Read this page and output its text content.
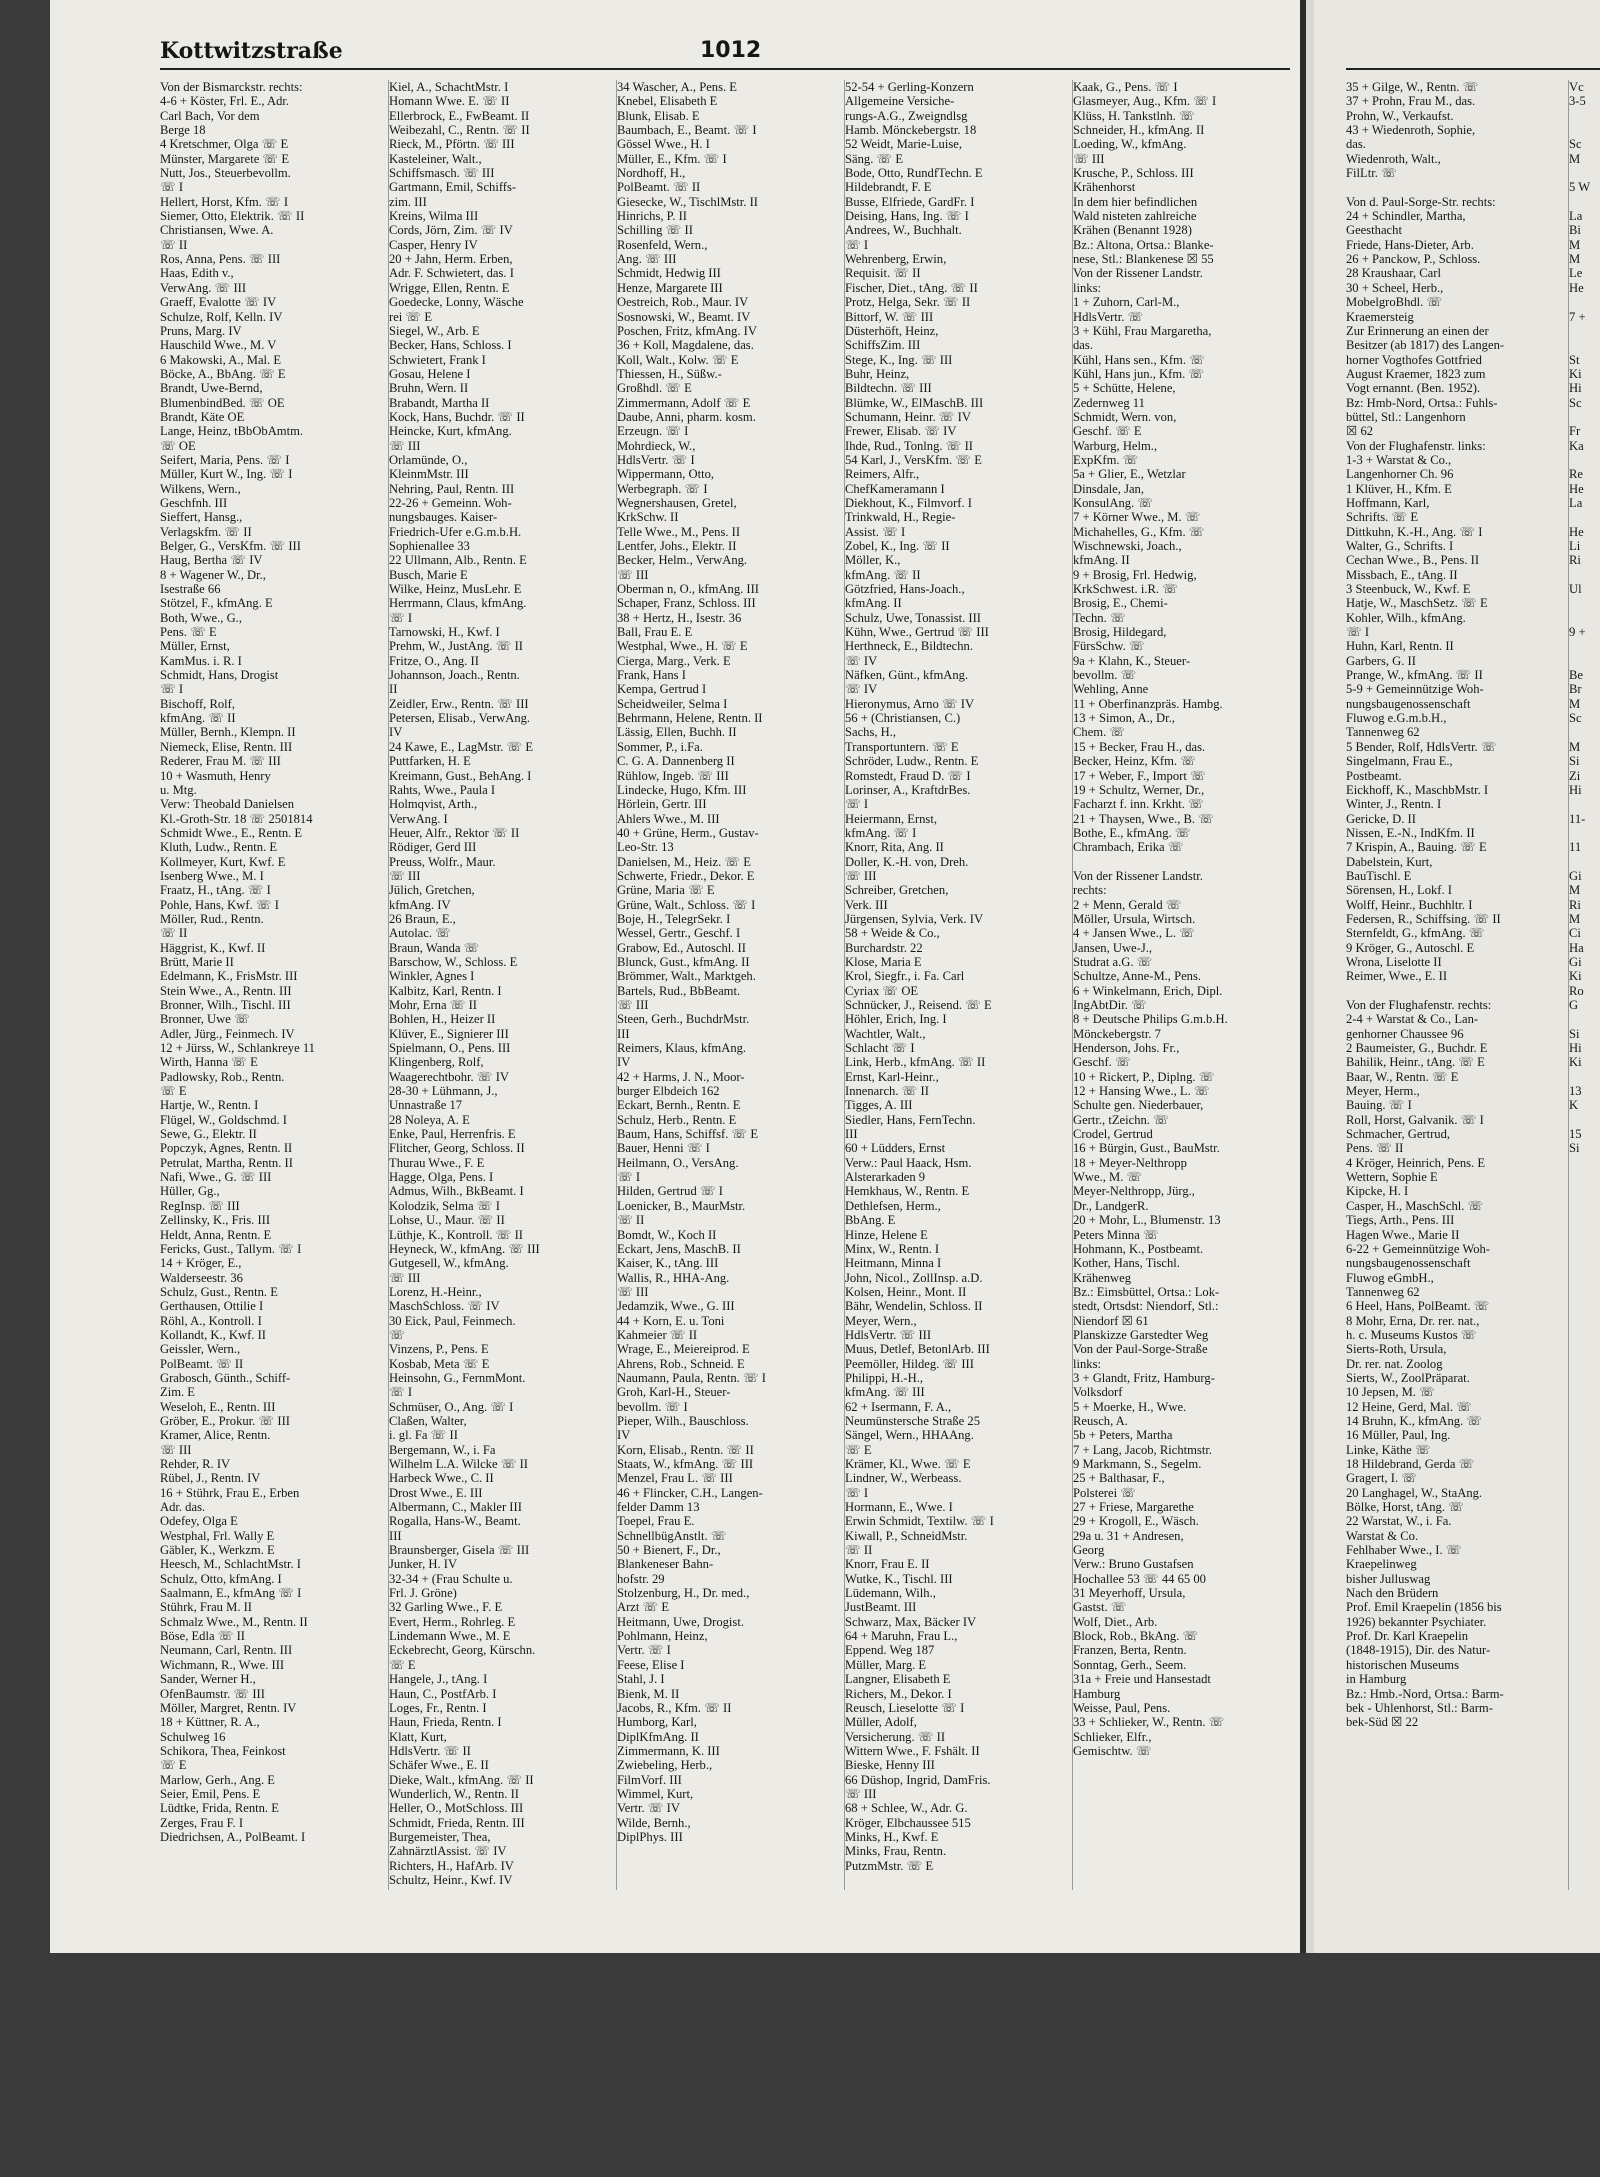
Kottwitzstraße	1012
Von der Bismarckstr. rechts:
4-6 + Köster, Frl. E., Adr.
Carl Bach, Vor dem
Berge 18
4 Kretschmer, Olga ☏ E
Münster, Margarete ☏ E
Nutt, Jos., Steuerbevollm.
☏ I
Hellert, Horst, Kfm. ☏ I
Siemer, Otto, Elektrik. ☏ II
Christiansen, Wwe. A.
☏ II
Ros, Anna, Pens. ☏ III
Haas, Edith v.,
VerwAng. ☏ III
Graeff, Evalotte ☏ IV
Schulze, Rolf, Kelln. IV
Pruns, Marg. IV
Hauschild Wwe., M. V
6 Makowski, A., Mal. E
Böcke, A., BbAng. ☏ E
Brandt, Uwe-Bernd,
BlumenbindBed. ☏ OE
Brandt, Käte OE
Lange, Heinz, tBbObAmtm.
☏ OE
Seifert, Maria, Pens. ☏ I
Müller, Kurt W., Ing. ☏ I
Wilkens, Wern.,
Geschfnh. III
Sieffert, Hansg.,
Verlagskfm. ☏ II
Belger, G., VersKfm. ☏ III
Haug, Bertha ☏ IV
8 + Wagener W., Dr.,
Isestraße 66
Stötzel, F., kfmAng. E
Both, Wwe., G.,
Pens. ☏ E
Müller, Ernst,
KamMus. i. R. I
Schmidt, Hans, Drogist
☏ I
Bischoff, Rolf,
kfmAng. ☏ II
Müller, Bernh., Klempn. II
Niemeck, Elise, Rentn. III
Rederer, Frau M. ☏ III
10 + Wasmuth, Henry
u. Mtg.
Verw: Theobald Danielsen
Kl.-Groth-Str. 18 ☏ 2501814
Schmidt Wwe., E., Rentn. E
Kluth, Ludw., Rentn. E
Kollmeyer, Kurt, Kwf. E
Isenberg Wwe., M. I
Fraatz, H., tAng. ☏ I
Pohle, Hans, Kwf. ☏ I
Möller, Rud., Rentn.
☏ II
Häggrist, K., Kwf. II
Brütt, Marie II
Edelmann, K., FrisMstr. III
Stein Wwe., A., Rentn. III
Bronner, Wilh., Tischl. III
Bronner, Uwe ☏
Adler, Jürg., Feinmech. IV
12 + Jürss, W., Schlankreye 11
Wirth, Hanna ☏ E
Padlowsky, Rob., Rentn.
☏ E
Hartje, W., Rentn. I
Flügel, W., Goldschmd. I
Sewe, G., Elektr. II
Popczyk, Agnes, Rentn. II
Petrulat, Martha, Rentn. II
Nafi, Wwe., G. ☏ III
Hüller, Gg.,
RegInsp. ☏ III
Zellinsky, K., Fris. III
Heldt, Anna, Rentn. E
Fericks, Gust., Tallym. ☏ I
14 + Kröger, E.,
Walderseestr. 36
Schulz, Gust., Rentn. E
Gerthausen, Ottilie I
Röhl, A., Kontroll. I
Kollandt, K., Kwf. II
Geissler, Wern.,
PolBeamt. ☏ II
Grabosch, Günth., Schiff-
Zim. E
Weseloh, E., Rentn. III
Gröber, E., Prokur. ☏ III
Kramer, Alice, Rentn.
☏ III
Rehder, R. IV
Rübel, J., Rentn. IV
16 + Stührk, Frau E., Erben
Adr. das.
Odefey, Olga E
Westphal, Frl. Wally E
Gäbler, K., Werkzm. E
Heesch, M., SchlachtMstr. I
Schulz, Otto, kfmAng. I
Saalmann, E., kfmAng ☏ I
Stührk, Frau M. II
Schmalz Wwe., M., Rentn. II
Böse, Edla ☏ II
Neumann, Carl, Rentn. III
Wichmann, R., Wwe. III
Sander, Werner H.,
OfenBaumstr. ☏ III
Möller, Margret, Rentn. IV
18 + Küttner, R. A.,
Schulweg 16
Schikora, Thea, Feinkost
☏ E
Marlow, Gerh., Ang. E
Seier, Emil, Pens. E
Lüdtke, Frida, Rentn. E
Zerges, Frau F. I
Diedrichsen, A., PolBeamt. I
Kiel, A., SchachtMstr. I
Homann Wwe. E. ☏ II
Ellerbrock, E., FwBeamt. II
Weibezahl, C., Rentn. ☏ II
Rieck, M., Pförtn. ☏ III
Kasteleiner, Walt.,
Schiffsmasch. ☏ III
Gartmann, Emil, Schiffs-
zim. III
Kreins, Wilma III
Cords, Jörn, Zim. ☏ IV
Casper, Henry IV
20 + Jahn, Herm. Erben,
Adr. F. Schwietert, das. I
Wrigge, Ellen, Rentn. E
Goedecke, Lonny, Wäsche
rei ☏ E
Siegel, W., Arb. E
Becker, Hans, Schloss. I
Schwietert, Frank I
Gosau, Helene I
Bruhn, Wern. II
Brabandt, Martha II
Kock, Hans, Buchdr. ☏ II
Heincke, Kurt, kfmAng.
☏ III
Orlamünde, O.,
KleinmMstr. III
Nehring, Paul, Rentn. III
22-26 + Gemeinn. Woh-
nungsbauges. Kaiser-
Friedrich-Ufer e.G.m.b.H.
Sophienallee 33
22 Ullmann, Alb., Rentn. E
Busch, Marie E
Wilke, Heinz, MusLehr. E
Herrmann, Claus, kfmAng.
☏ I
Tarnowski, H., Kwf. I
Prehm, W., JustAng. ☏ II
Fritze, O., Ang. II
Johannson, Joach., Rentn.
II
Zeidler, Erw., Rentn. ☏ III
Petersen, Elisab., VerwAng.
IV
24 Kawe, E., LagMstr. ☏ E
Puttfarken, H. E
Kreimann, Gust., BehAng. I
Rahts, Wwe., Paula I
Holmqvist, Arth.,
VerwAng. I
Heuer, Alfr., Rektor ☏ II
Rödiger, Gerd III
Preuss, Wolfr., Maur.
☏ III
Jülich, Gretchen,
kfmAng. IV
26 Braun, E.,
Autolac. ☏
Braun, Wanda ☏
Barschow, W., Schloss. E
Winkler, Agnes I
Kalbitz, Karl, Rentn. I
Mohr, Erna ☏ II
Bohlen, H., Heizer II
Klüver, E., Signierer III
Spielmann, O., Pens. III
Klingenberg, Rolf,
Waagerechtbohr. ☏ IV
28-30 + Lühmann, J.,
Unnastraße 17
28 Noleya, A. E
Enke, Paul, Herrenfris. E
Flitcher, Georg, Schloss. II
Thurau Wwe., F. E
Hagge, Olga, Pens. I
Admus, Wilh., BkBeamt. I
Kolodzik, Selma ☏ I
Lohse, U., Maur. ☏ II
Lüthje, K., Kontroll. ☏ II
Heyneck, W., kfmAng. ☏ III
Gutgesell, W., kfmAng.
☏ III
Lorenz, H.-Heinr.,
MaschSchloss. ☏ IV
30 Eick, Paul, Feinmech.
☏
Vinzens, P., Pens. E
Kosbab, Meta ☏ E
Heinsohn, G., FernmMont.
☏ I
Schmüser, O., Ang. ☏ I
Claßen, Walter,
i. gl. Fa ☏ II
Bergemann, W., i. Fa
Wilhelm L.A. Wilcke ☏ II
Harbeck Wwe., C. II
Drost Wwe., E. III
Albermann, C., Makler III
Rogalla, Hans-W., Beamt.
III
Braunsberger, Gisela ☏ III
Junker, H. IV
32-34 + (Frau Schulte u.
Frl. J. Gröne)
32 Garling Wwe., F. E
Evert, Herm., Rohrleg. E
Lindemann Wwe., M. E
Eckebrecht, Georg, Kürschn.
☏ E
Hangele, J., tAng. I
Haun, C., PostfArb. I
Loges, Fr., Rentn. I
Haun, Frieda, Rentn. I
Klatt, Kurt,
HdlsVertr. ☏ II
Schäfer Wwe., E. II
Dieke, Walt., kfmAng. ☏ II
Wunderlich, W., Rentn. II
Heller, O., MotSchloss. III
Schmidt, Frieda, Rentn. III
Burgemeister, Thea,
ZahnärztlAssist. ☏ IV
Richters, H., HafArb. IV
Schultz, Heinr., Kwf. IV
34 Wascher, A., Pens. E
Knebel, Elisabeth E
Blunk, Elisab. E
Baumbach, E., Beamt. ☏ I
Gössel Wwe., H. I
Müller, E., Kfm. ☏ I
Nordhoff, H.,
PolBeamt. ☏ II
Giesecke, W., TischlMstr. II
Hinrichs, P. II
Schilling ☏ II
Rosenfeld, Wern.,
Ang. ☏ III
Schmidt, Hedwig III
Henze, Margarete III
Oestreich, Rob., Maur. IV
Sosnowski, W., Beamt. IV
Poschen, Fritz, kfmAng. IV
36 + Koll, Magdalene, das.
Koll, Walt., Kolw. ☏ E
Thiessen, H., Süßw.-
Großhdl. ☏ E
Zimmermann, Adolf ☏ E
Daube, Anni, pharm. kosm.
Erzeugn. ☏ I
Mohrdieck, W.,
HdlsVertr. ☏ I
Wippermann, Otto,
Werbegraph. ☏ I
Wegnershausen, Gretel,
KrkSchw. II
Telle Wwe., M., Pens. II
Lentfer, Johs., Elektr. II
Becker, Helm., VerwAng.
☏ III
Oberman n, O., kfmAng. III
Schaper, Franz, Schloss. III
38 + Hertz, H., Isestr. 36
Ball, Frau E. E
Westphal, Wwe., H. ☏ E
Cierga, Marg., Verk. E
Frank, Hans I
Kempa, Gertrud I
Scheidweiler, Selma I
Behrmann, Helene, Rentn. II
Lässig, Ellen, Buchh. II
Sommer, P., i.Fa.
C. G. A. Dannenberg II
Rühlow, Ingeb. ☏ III
Lindecke, Hugo, Kfm. III
Hörlein, Gertr. III
Ahlers Wwe., M. III
40 + Grüne, Herm., Gustav-
Leo-Str. 13
Danielsen, M., Heiz. ☏ E
Schwerte, Friedr., Dekor. E
Grüne, Maria ☏ E
Grüne, Walt., Schloss. ☏ I
Boje, H., TelegrSekr. I
Wessel, Gertr., Geschf. I
Grabow, Ed., Autoschl. II
Blunck, Gust., kfmAng. II
Brömmer, Walt., Marktgeh.
Bartels, Rud., BbBeamt.
☏ III
Steen, Gerh., BuchdrMstr.
III
Reimers, Klaus, kfmAng.
IV
42 + Harms, J. N., Moor-
burger Elbdeich 162
Eckart, Bernh., Rentn. E
Schulz, Herb., Rentn. E
Baum, Hans, Schiffsf. ☏ E
Bauer, Henni ☏ I
Heilmann, O., VersAng.
☏ I
Hilden, Gertrud ☏ I
Loenicker, B., MaurMstr.
☏ II
Bomdt, W., Koch II
Eckart, Jens, MaschB. II
Kaiser, K., tAng. III
Wallis, R., HHA-Ang.
☏ III
Jedamzik, Wwe., G. III
44 + Korn, E. u. Toni
Kahmeier ☏ II
Wrage, E., Meiereiprod. E
Ahrens, Rob., Schneid. E
Naumann, Paula, Rentn. ☏ I
Groh, Karl-H., Steuer-
bevollm. ☏ I
Pieper, Wilh., Bauschloss.
IV
Korn, Elisab., Rentn. ☏ II
Staats, W., kfmAng. ☏ III
Menzel, Frau L. ☏ III
46 + Flincker, C.H., Langen-
felder Damm 13
Toepel, Frau E.
SchnellbügAnstlt. ☏
50 + Bienert, F., Dr.,
Blankeneser Bahn-
hofstr. 29
Stolzenburg, H., Dr. med.,
Arzt ☏ E
Heitmann, Uwe, Drogist.
Pohlmann, Heinz,
Vertr. ☏ I
Feese, Elise I
Stahl, J. I
Bienk, M. II
Jacobs, R., Kfm. ☏ II
Humborg, Karl,
DiplKfmAng. II
Zimmermann, K. III
Zwiebeling, Herb.,
FilmVorf. III
Wimmel, Kurt,
Vertr. ☏ IV
Wilde, Bernh.,
DiplPhys. III
52-54 + Gerling-Konzern
Allgemeine Versiche-
rungs-A.G., Zweigndlsg
Hamb. Mönckebergstr. 18
52 Weidt, Marie-Luise,
Säng. ☏ E
Bode, Otto, RundfTechn. E
Hildebrandt, F. E
Busse, Elfriede, GardFr. I
Deising, Hans, Ing. ☏ I
Andrees, W., Buchhalt.
☏ I
Wehrenberg, Erwin,
Requisit. ☏ II
Fischer, Diet., tAng. ☏ II
Protz, Helga, Sekr. ☏ II
Bittorf, W. ☏ III
Düsterhöft, Heinz,
SchiffsZim. III
Stege, K., Ing. ☏ III
Buhr, Heinz,
Bildtechn. ☏ III
Blümke, W., ElMaschB. III
Schumann, Heinr. ☏ IV
Frewer, Elisab. ☏ IV
Ihde, Rud., Tonlng. ☏ II
54 Karl, J., VersKfm. ☏ E
Reimers, Alfr.,
ChefKameramann I
Diekhout, K., Filmvorf. I
Trinkwald, H., Regie-
Assist. ☏ I
Zobel, K., Ing. ☏ II
Möller, K.,
kfmAng. ☏ II
Götzfried, Hans-Joach.,
kfmAng. II
Schulz, Uwe, Tonassist. III
Kühn, Wwe., Gertrud ☏ III
Herthneck, E., Bildtechn.
☏ IV
Näfken, Günt., kfmAng.
☏ IV
Hieronymus, Arno ☏ IV
56 + (Christiansen, C.)
Sachs, H.,
Transportuntern. ☏ E
Schröder, Ludw., Rentn. E
Romstedt, Fraud D. ☏ I
Lorinser, A., KraftdrBes.
☏ I
Heiermann, Ernst,
kfmAng. ☏ I
Knorr, Rita, Ang. II
Doller, K.-H. von, Dreh.
☏ III
Schreiber, Gretchen,
Verk. III
Jürgensen, Sylvia, Verk. IV
58 + Weide & Co.,
Burchardstr. 22
Klose, Maria E
Krol, Siegfr., i. Fa. Carl
Cyriax ☏ OE
Schnücker, J., Reisend. ☏ E
Höhler, Erich, Ing. I
Wachtler, Walt.,
Schlacht ☏ I
Link, Herb., kfmAng. ☏ II
Ernst, Karl-Heinr.,
Innenarch. ☏ II
Tigges, A. III
Siedler, Hans, FernTechn.
III
60 + Lüdders, Ernst
Verw.: Paul Haack, Hsm.
Alsterarkaden 9
Hemkhaus, W., Rentn. E
Dethlefsen, Herm.,
BbAng. E
Hinze, Helene E
Minx, W., Rentn. I
Heitmann, Minna I
John, Nicol., ZollInsp. a.D.
Kolsen, Heinr., Mont. II
Bähr, Wendelin, Schloss. II
Meyer, Wern.,
HdlsVertr. ☏ III
Muus, Detlef, BetonlArb. III
Peemöller, Hildeg. ☏ III
Philippi, H.-H.,
kfmAng. ☏ III
62 + Isermann, F. A.,
Neumünstersche Straße 25
Sängel, Wern., HHAAng.
☏ E
Krämer, Kl., Wwe. ☏ E
Lindner, W., Werbeass.
☏ I
Hormann, E., Wwe. I
Erwin Schmidt, Textilw. ☏ I
Kiwall, P., SchneidMstr.
☏ II
Knorr, Frau E. II
Wutke, K., Tischl. III
Lüdemann, Wilh.,
JustBeamt. III
Schwarz, Max, Bäcker IV
64 + Maruhn, Frau L.,
Eppend. Weg 187
Müller, Marg. E
Langner, Elisabeth E
Richers, M., Dekor. I
Reusch, Lieselotte ☏ I
Müller, Adolf,
Versicherung. ☏ II
Wittern Wwe., F. Fshält. II
Bieske, Henny III
66 Düshop, Ingrid, DamFris.
☏ III
68 + Schlee, W., Adr. G.
Kröger, Elbchaussee 515
Minks, H., Kwf. E
Minks, Frau, Rentn.
PutzmMstr. ☏ E
Kaak, G., Pens. ☏ I
Glasmeyer, Aug., Kfm. ☏ I
Klüss, H. Tankstlnh. ☏
Schneider, H., kfmAng. II
Loeding, W., kfmAng.
☏ III
Krusche, P., Schloss. III
Krähenhorst
In dem hier befindlichen
Wald nisteten zahlreiche
Krähen (Benannt 1928)
Bz.: Altona, Ortsa.: Blanke-
nese, Stl.: Blankenese ☒ 55
Von der Rissener Landstr.
links:
1 + Zuhorn, Carl-M.,
HdlsVertr. ☏
3 + Kühl, Frau Margaretha,
das.
Kühl, Hans sen., Kfm. ☏
Kühl, Hans jun., Kfm. ☏
5 + Schütte, Helene,
Zedernweg 11
Schmidt, Wern. von,
Geschf. ☏ E
Warburg, Helm.,
ExpKfm. ☏
5a + Glier, E., Wetzlar
Dinsdale, Jan,
KonsulAng. ☏
7 + Körner Wwe., M. ☏
Michahelles, G., Kfm. ☏
Wischnewski, Joach.,
kfmAng. II
9 + Brosig, Frl. Hedwig,
KrkSchwest. i.R. ☏
Brosig, E., Chemi-
Techn. ☏
Brosig, Hildegard,
FürsSchw. ☏
9a + Klahn, K., Steuer-
bevollm. ☏
Wehling, Anne
11 + Oberfinanzpräs. Hambg.
13 + Simon, A., Dr.,
Chem. ☏
15 + Becker, Frau H., das.
Becker, Heinz, Kfm. ☏
17 + Weber, F., Import ☏
19 + Schultz, Werner, Dr.,
Facharzt f. inn. Krkht. ☏
21 + Thaysen, Wwe., B. ☏
Bothe, E., kfmAng. ☏
Chrambach, Erika ☏

Von der Rissener Landstr.
rechts:
2 + Menn, Gerald ☏
Möller, Ursula, Wirtsch.
4 + Jansen Wwe., L. ☏
Jansen, Uwe-J.,
Studrat a.G. ☏
Schultze, Anne-M., Pens.
6 + Winkelmann, Erich, Dipl.
IngAbtDir. ☏
8 + Deutsche Philips G.m.b.H.
Mönckebergstr. 7
Henderson, Johs. Fr.,
Geschf. ☏
10 + Rickert, P., Diplng. ☏
12 + Hansing Wwe., L. ☏
Schulte gen. Niederbauer,
Gertr., tZeichn. ☏
Crodel, Gertrud
16 + Bürgin, Gust., BauMstr.
18 + Meyer-Nelthropp
Wwe., M. ☏
Meyer-Nelthropp, Jürg.,
Dr., LandgerR.
20 + Mohr, L., Blumenstr. 13
Peters Minna ☏
Hohmann, K., Postbeamt.
Kother, Hans, Tischl.
Krähenweg
Bz.: Eimsbüttel, Ortsa.: Lok-
stedt, Ortsdst: Niendorf, Stl.:
Niendorf ☒ 61
Planskizze Garstedter Weg
Von der Paul-Sorge-Straße
links:
3 + Glandt, Fritz, Hamburg-
Volksdorf
5 + Moerke, H., Wwe.
Reusch, A.
5b + Peters, Martha
7 + Lang, Jacob, Richtmstr.
9 Markmann, S., Segelm.
25 + Balthasar, F.,
Polsterei ☏
27 + Friese, Margarethe
29 + Krogoll, E., Wäsch.
29a u. 31 + Andresen,
Georg
Verw.: Bruno Gustafsen
Hochallee 53 ☏ 44 65 00
31 Meyerhoff, Ursula,
Gastst. ☏
Wolf, Diet., Arb.
Block, Rob., BkAng. ☏
Franzen, Berta, Rentn.
Sonntag, Gerh., Seem.
31a + Freie und Hansestadt
Hamburg
Weisse, Paul, Pens.
33 + Schlieker, W., Rentn. ☏
Schlieker, Elfr.,
Gemischtw. ☏
35 + Gilge, W., Rentn. ☏
37 + Prohn, Frau M., das.
Prohn, W., Verkaufst.
43 + Wiedenroth, Sophie,
das.
Wiedenroth, Walt.,
FilLtr. ☏

Von d. Paul-Sorge-Str. rechts:
24 + Schindler, Martha,
Geesthacht
Friede, Hans-Dieter, Arb.
26 + Panckow, P., Schloss.
28 Kraushaar, Carl
30 + Scheel, Herb.,
MobelgroBhdl. ☏
Kraemersteig
Zur Erinnerung an einen der
Besitzer (ab 1817) des Langen-
horner Vogthofes Gottfried
August Kraemer, 1823 zum
Vogt ernannt. (Ben. 1952).
Bz: Hmb-Nord, Ortsa.: Fuhls-
büttel, Stl.: Langenhorn
☒ 62
Von der Flughafenstr. links:
1-3 + Warstat & Co.,
Langenhorner Ch. 96
1 Klüver, H., Kfm. E
Hoffmann, Karl,
Schrifts. ☏ E
Dittkuhn, K.-H., Ang. ☏ I
Walter, G., Schrifts. I
Cechan Wwe., B., Pens. II
Missbach, E., tAng. II
3 Steenbuck, W., Kwf. E
Hatje, W., MaschSetz. ☏ E
Kohler, Wilh., kfmAng.
☏ I
Huhn, Karl, Rentn. II
Garbers, G. II
Prange, W., kfmAng. ☏ II
5-9 + Gemeinnützige Woh-
nungsbaugenossenschaft
Fluwog e.G.m.b.H.,
Tannenweg 62
5 Bender, Rolf, HdlsVertr. ☏
Singelmann, Frau E.,
Postbeamt.
Eickhoff, K., MaschbMstr. I
Winter, J., Rentn. I
Gericke, D. II
Nissen, E.-N., IndKfm. II
7 Krispin, A., Bauing. ☏ E
Dabelstein, Kurt,
BauTischl. E
Sörensen, H., Lokf. I
Wolff, Heinr., Buchhltr. I
Federsen, R., Schiffsing. ☏ II
Sternfeldt, G., kfmAng. ☏
9 Kröger, G., Autoschl. E
Wrona, Liselotte II
Reimer, Wwe., E. II

Von der Flughafenstr. rechts:
2-4 + Warstat & Co., Lan-
genhorner Chaussee 96
2 Baumeister, G., Buchdr. E
Bahilik, Heinr., tAng. ☏ E
Baar, W., Rentn. ☏ E
Meyer, Herm.,
Bauing. ☏ I
Roll, Horst, Galvanik. ☏ I
Schmacher, Gertrud,
Pens. ☏ II
4 Kröger, Heinrich, Pens. E
Wettern, Sophie E
Kipcke, H. I
Casper, H., MaschSchl. ☏
Tiegs, Arth., Pens. III
Hagen Wwe., Marie II
6-22 + Gemeinnützige Woh-
nungsbaugenossenschaft
Fluwog eGmbH.,
Tannenweg 62
6 Heel, Hans, PolBeamt. ☏
8 Mohr, Erna, Dr. rer. nat.,
h. c. Museums Kustos ☏
Sierts-Roth, Ursula,
Dr. rer. nat. Zoolog
Sierts, W., ZoolPräparat.
10 Jepsen, M. ☏
12 Heine, Gerd, Mal. ☏
14 Bruhn, K., kfmAng. ☏
16 Müller, Paul, Ing.
Linke, Käthe ☏
18 Hildebrand, Gerda ☏
Gragert, I. ☏
20 Langhagel, W., StaAng.
Bölke, Horst, tAng. ☏
22 Warstat, W., i. Fa.
Warstat & Co.
Fehlhaber Wwe., I. ☏
Kraepelinweg
bisher Julluswag
Nach den Brüdern
Prof. Emil Kraepelin (1856 bis
1926) bekannter Psychiater.
Prof. Dr. Karl Kraepelin
(1848-1915), Dir. des Natur-
historischen Museums
in Hamburg
Bz.: Hmb.-Nord, Ortsa.: Barm-
bek - Uhlenhorst, Stl.: Barm-
bek-Süd ☒ 22
Vc
3-5

Sc
M

5 W

La
Bi
M
M
Le
He

7 +

St
Ki
Hi
Sc

Fr
Ka

Re
He
La

He
Li
Ri

Ul

9 +

Be
Br
M
Sc

M
Si
Zi
Hi

11-

11

Gi
M
Ri
M
Ci
Ha
Gi
Ki
Ro
G

Si
Hi
Ki

13
K

15
Si
